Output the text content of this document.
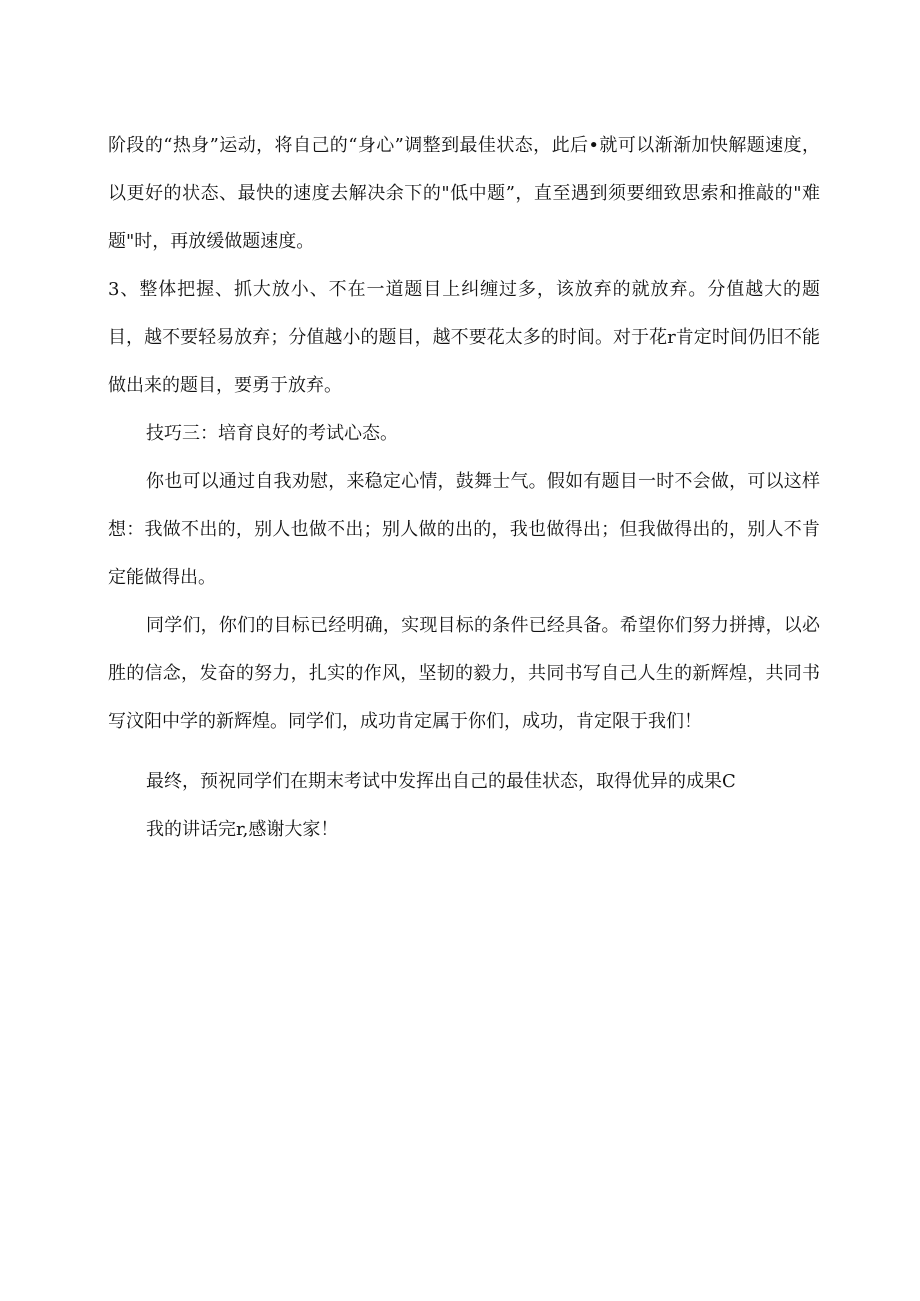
阶段的“热身”运动，将自己的“身心”调整到最佳状态，此后•就可以渐渐加快解题速度，以更好的状态、最快的速度去解决余下的"低中题”，直至遇到须要细致思索和推敲的"难题"时，再放缓做题速度。

3、整体把握、抓大放小、不在一道题目上纠缠过多，该放弃的就放弃。分值越大的题目，越不要轻易放弃；分值越小的题目，越不要花太多的时间。对于花r肯定时间仍旧不能做出来的题目，要勇于放弃。

技巧三：培育良好的考试心态。

你也可以通过自我劝慰，来稳定心情，鼓舞士气。假如有题目一时不会做，可以这样想：我做不出的，别人也做不出；别人做的出的，我也做得出；但我做得出的，别人不肯定能做得出。

同学们，你们的目标已经明确，实现目标的条件已经具备。希望你们努力拼搏，以必胜的信念，发奋的努力，扎实的作风，坚韧的毅力，共同书写自己人生的新辉煌，共同书写汶阳中学的新辉煌。同学们，成功肯定属于你们，成功，肯定限于我们！

最终，预祝同学们在期末考试中发挥出自己的最佳状态，取得优异的成果C

我的讲话完r,感谢大家！
